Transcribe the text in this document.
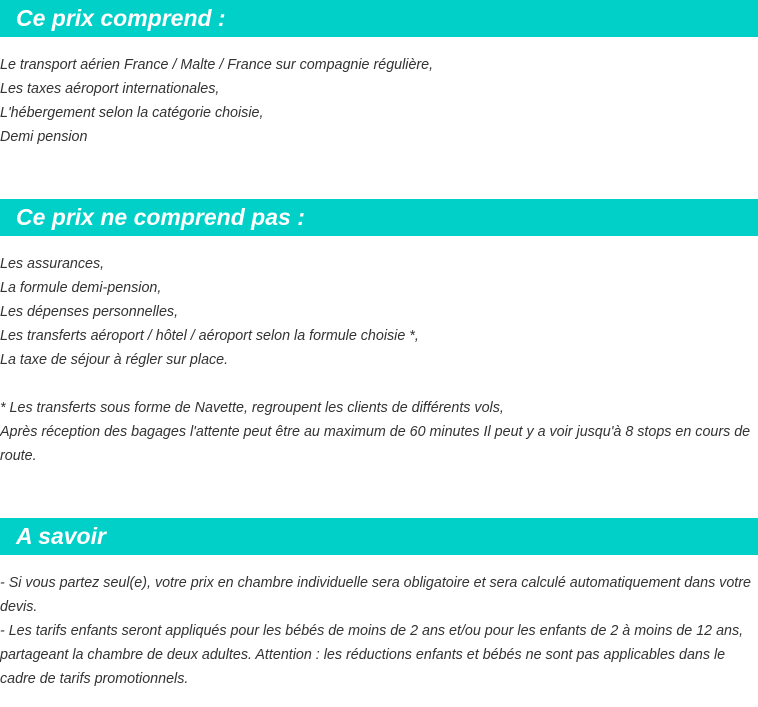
Ce prix comprend :
Le transport aérien France / Malte / France sur compagnie régulière,
Les taxes aéroport internationales,
L'hébergement selon la catégorie choisie,
Demi pension
Ce prix ne comprend pas :
Les assurances,
La formule demi-pension,
Les dépenses personnelles,
Les transferts aéroport / hôtel / aéroport selon la formule choisie *,
La taxe de séjour à régler sur place.
* Les transferts sous forme de Navette, regroupent les clients de différents vols,
Après réception des bagages l'attente peut être au maximum de 60 minutes Il peut y a voir jusqu'à 8 stops en cours de route.
A savoir
- Si vous partez seul(e), votre prix en chambre individuelle sera obligatoire et sera calculé automatiquement dans votre devis.
- Les tarifs enfants seront appliqués pour les bébés de moins de 2 ans et/ou pour les enfants de 2 à moins de 12 ans, partageant la chambre de deux adultes. Attention : les réductions enfants et bébés ne sont pas applicables dans le cadre de tarifs promotionnels.
